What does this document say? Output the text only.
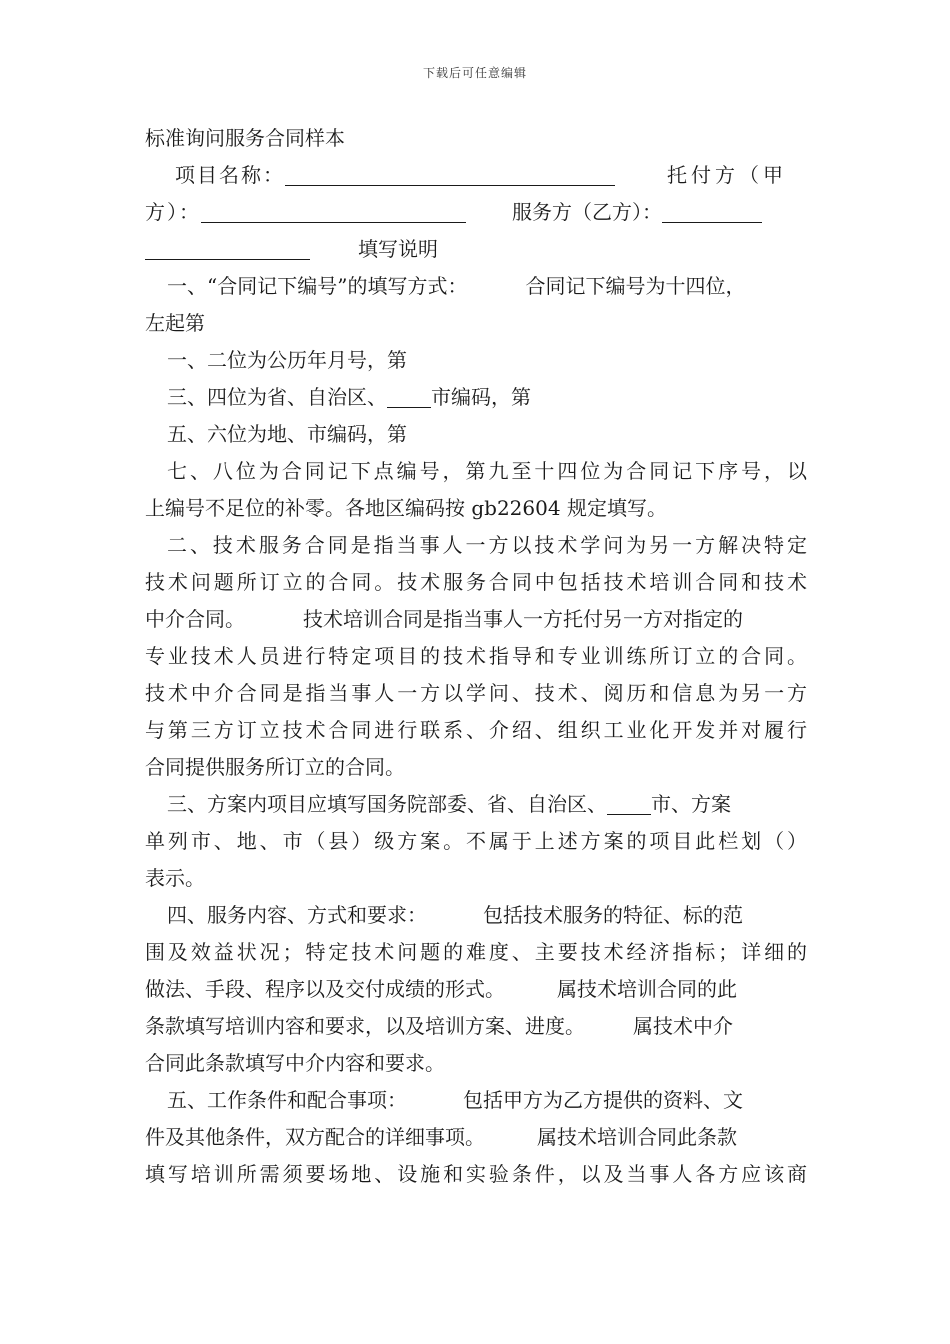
下载后可任意编辑
标准询问服务合同样本
项目名称：	托付方（甲
方）：	服务方（乙方）：
填写说明
一、“合同记下编号”的填写方式：	合同记下编号为十四位，
左起第
一、二位为公历年月号，第
三、四位为省、自治区、 市编码，第
五、六位为地、市编码，第
七、八位为合同记下点编号，第九至十四位为合同记下序号，以
上编号不足位的补零。各地区编码按 gb22604 规定填写。
二、技术服务合同是指当事人一方以技术学问为另一方解决特定
技术问题所订立的合同。技术服务合同中包括技术培训合同和技术
中介合同。	技术培训合同是指当事人一方托付另一方对指定的
专业技术人员进行特定项目的技术指导和专业训练所订立的合同。
技术中介合同是指当事人一方以学问、技术、阅历和信息为另一方
与第三方订立技术合同进行联系、介绍、组织工业化开发并对履行
合同提供服务所订立的合同。
三、方案内项目应填写国务院部委、省、自治区、 市、方案
单列市、地、市（县）级方案。不属于上述方案的项目此栏划（）
表示。
四、服务内容、方式和要求：	包括技术服务的特征、标的范
围及效益状况；特定技术问题的难度、主要技术经济指标；详细的
做法、手段、程序以及交付成绩的形式。	属技术培训合同的此
条款填写培训内容和要求，以及培训方案、进度。 属技术中介
合同此条款填写中介内容和要求。
五、工作条件和配合事项：	包括甲方为乙方提供的资料、文
件及其他条件，双方配合的详细事项。	属技术培训合同此条款
填写培训所需须要场地、设施和实验条件，以及当事人各方应该商
